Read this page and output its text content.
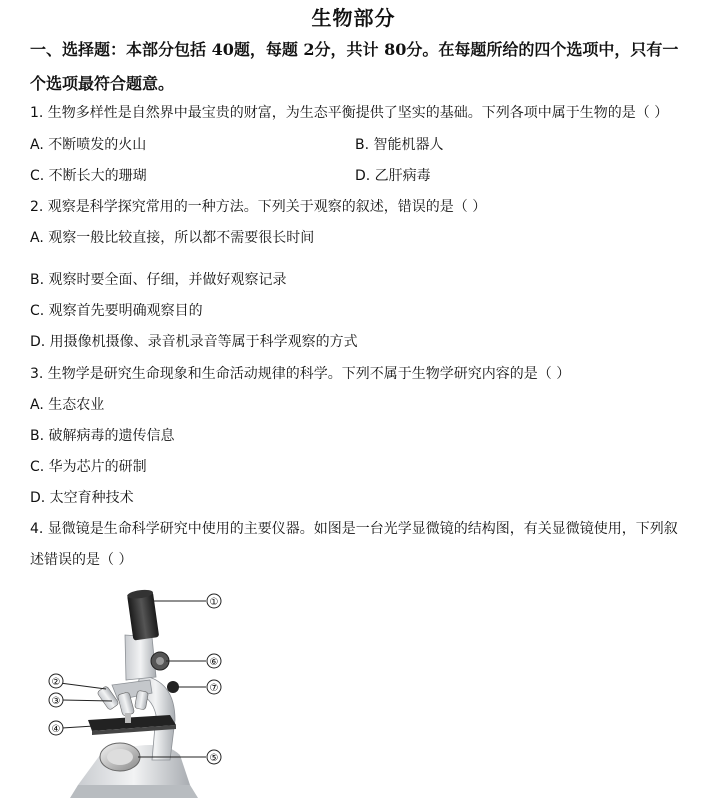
生物部分
一、选择题：本部分包括 40题，每题 2分，共计 80分。在每题所给的四个选项中，只有一个选项最符合题意。
1. 生物多样性是自然界中最宝贵的财富，为生态平衡提供了坚实的基础。下列各项中属于生物的是（ ）
A. 不断喷发的火山	B. 智能机器人
C. 不断长大的珊瑚	D. 乙肝病毒
2. 观察是科学探究常用的一种方法。下列关于观察的叙述，错误的是（ ）
A. 观察一般比较直接，所以都不需要很长时间
B. 观察时要全面、仔细，并做好观察记录
C. 观察首先要明确观察目的
D. 用摄像机摄像、录音机录音等属于科学观察的方式
3. 生物学是研究生命现象和生命活动规律的科学。下列不属于生物学研究内容的是（ ）
A. 生态农业
B. 破解病毒的遗传信息
C. 华为芯片的研制
D. 太空育种技术
4. 显微镜是生命科学研究中使用的主要仪器。如图是一台光学显微镜的结构图，有关显微镜使用，下列叙
述错误的是（ ）
①
②
③
④
⑤
⑥
⑦
